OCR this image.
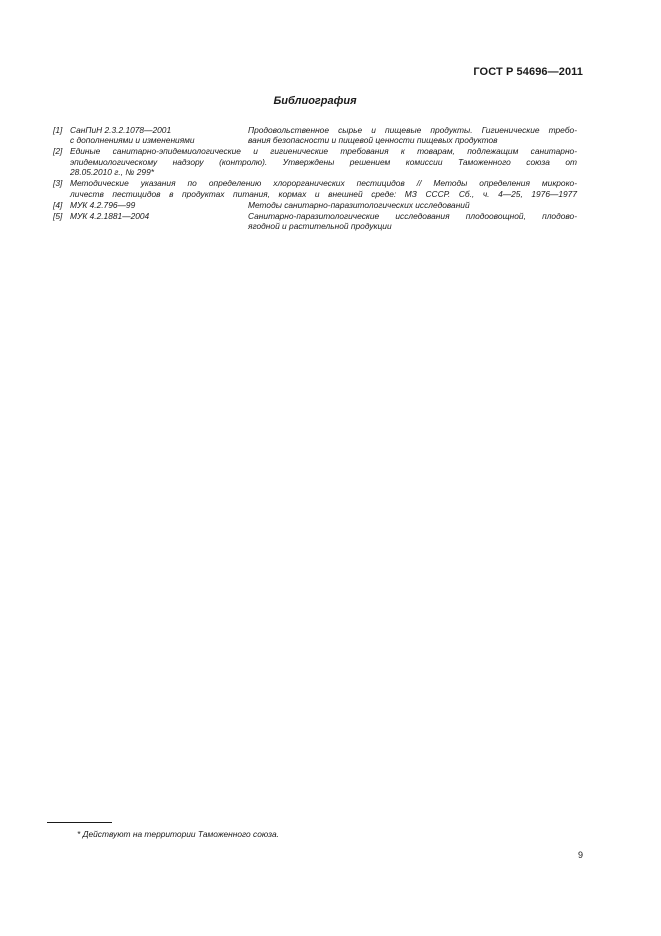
ГОСТ Р 54696—2011
Библиография
[1] СанПиН 2.3.2.1078—2001
с дополнениями и изменениями
Продовольственное сырье и пищевые продукты. Гигиенические требо-
вания безопасности и пищевой ценности пищевых продуктов
[2] Единые санитарно-эпидемиологические и гигиенические требования к товарам, подлежащим санитарно-
эпидемиологическому надзору (контролю). Утверждены решением комиссии Таможенного союза от
28.05.2010 г., № 299*
[3] Методические указания по определению хлорорганических пестицидов // Методы определения микроко-
личеств пестицидов в продуктах питания, кормах и внешней среде: МЗ СССР. Сб., ч. 4—25, 1976—1977
[4] МУК 4.2.796—99	Методы санитарно-паразитологических исследований
[5] МУК 4.2.1881—2004	Санитарно-паразитологические исследования плодоовощной, плодово-
ягодной и растительной продукции
* Действуют на территории Таможенного союза.
9
